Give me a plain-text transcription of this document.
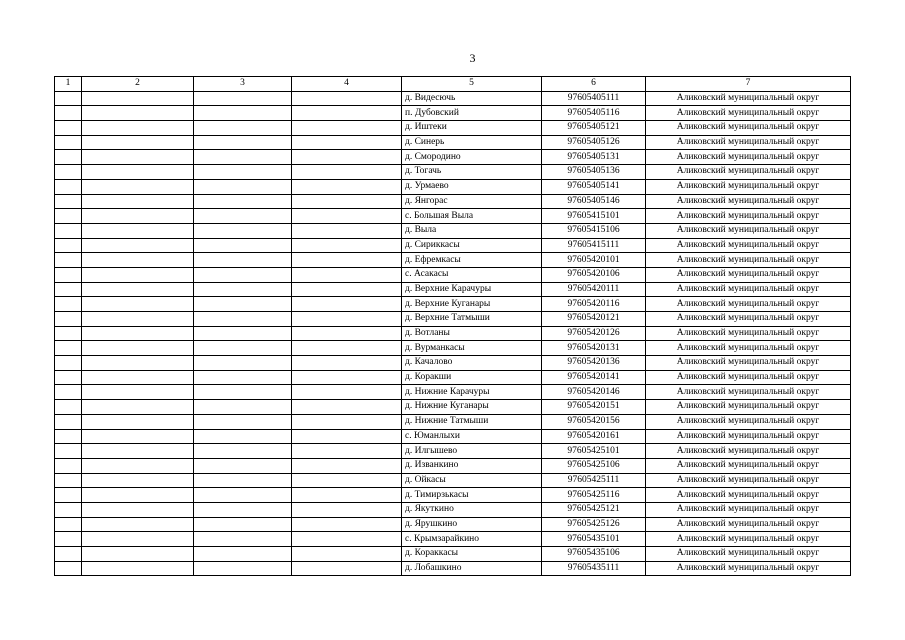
3
1	2	3	4	5	6	7
				д. Видесючь	97605405111	Аликовский муниципальный округ
				п. Дубовский	97605405116	Аликовский муниципальный округ
				д. Иштеки	97605405121	Аликовский муниципальный округ
				д. Синерь	97605405126	Аликовский муниципальный округ
				д. Смородино	97605405131	Аликовский муниципальный округ
				д. Тогачь	97605405136	Аликовский муниципальный округ
				д. Урмаево	97605405141	Аликовский муниципальный округ
				д. Янгорас	97605405146	Аликовский муниципальный округ
				с. Большая Выла	97605415101	Аликовский муниципальный округ
				д. Выла	97605415106	Аликовский муниципальный округ
				д. Сириккасы	97605415111	Аликовский муниципальный округ
				д. Ефремкасы	97605420101	Аликовский муниципальный округ
				с. Асакасы	97605420106	Аликовский муниципальный округ
				д. Верхние Карачуры	97605420111	Аликовский муниципальный округ
				д. Верхние Куганары	97605420116	Аликовский муниципальный округ
				д. Верхние Татмыши	97605420121	Аликовский муниципальный округ
				д. Вотланы	97605420126	Аликовский муниципальный округ
				д. Вурманкасы	97605420131	Аликовский муниципальный округ
				д. Качалово	97605420136	Аликовский муниципальный округ
				д. Коракши	97605420141	Аликовский муниципальный округ
				д. Нижние Карачуры	97605420146	Аликовский муниципальный округ
				д. Нижние Куганары	97605420151	Аликовский муниципальный округ
				д. Нижние Татмыши	97605420156	Аликовский муниципальный округ
				с. Юманлыхи	97605420161	Аликовский муниципальный округ
				д. Илгышево	97605425101	Аликовский муниципальный округ
				д. Изванкино	97605425106	Аликовский муниципальный округ
				д. Ойкасы	97605425111	Аликовский муниципальный округ
				д. Тимирзькасы	97605425116	Аликовский муниципальный округ
				д. Якуткино	97605425121	Аликовский муниципальный округ
				д. Ярушкино	97605425126	Аликовский муниципальный округ
				с. Крымзарайкино	97605435101	Аликовский муниципальный округ
				д. Кораккасы	97605435106	Аликовский муниципальный округ
				д. Лобашкино	97605435111	Аликовский муниципальный округ
